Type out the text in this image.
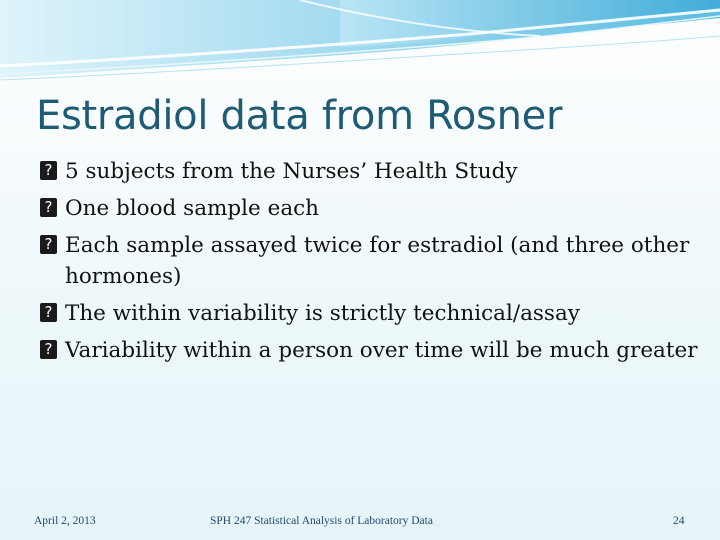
Estradiol data from Rosner
? 5 subjects from the Nurses’ Health Study
? One blood sample each
? Each sample assayed twice for estradiol (and three other hormones)
? The within variability is strictly technical/assay
? Variability within a person over time will be much greater
April 2, 2013	SPH 247 Statistical Analysis of Laboratory Data	24
